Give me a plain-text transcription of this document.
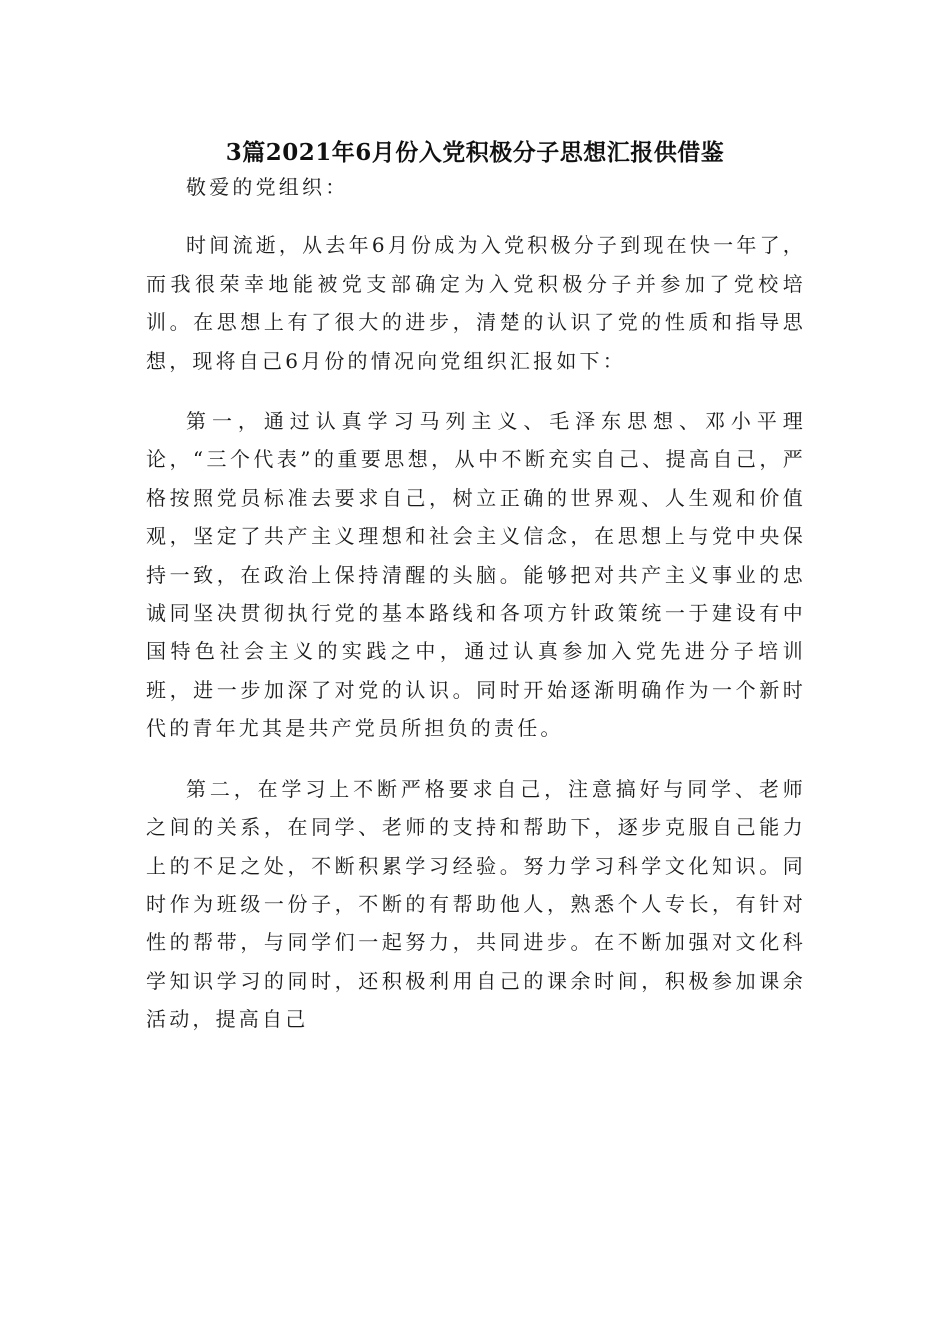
3篇2021年6月份入党积极分子思想汇报供借鉴

敬爱的党组织：

时间流逝，从去年6月份成为入党积极分子到现在快一年了，而我很荣幸地能被党支部确定为入党积极分子并参加了党校培训。在思想上有了很大的进步，清楚的认识了党的性质和指导思想，现将自己6月份的情况向党组织汇报如下：

第一，通过认真学习马列主义、毛泽东思想、邓小平理论，“三个代表”的重要思想，从中不断充实自己、提高自己，严格按照党员标准去要求自己，树立正确的世界观、人生观和价值观，坚定了共产主义理想和社会主义信念，在思想上与党中央保持一致，在政治上保持清醒的头脑。能够把对共产主义事业的忠诚同坚决贯彻执行党的基本路线和各项方针政策统一于建设有中国特色社会主义的实践之中，通过认真参加入党先进分子培训班，进一步加深了对党的认识。同时开始逐渐明确作为一个新时代的青年尤其是共产党员所担负的责任。

第二，在学习上不断严格要求自己，注意搞好与同学、老师之间的关系，在同学、老师的支持和帮助下，逐步克服自己能力上的不足之处，不断积累学习经验。努力学习科学文化知识。同时作为班级一份子，不断的有帮助他人，熟悉个人专长，有针对性的帮带，与同学们一起努力，共同进步。在不断加强对文化科学知识学习的同时，还积极利用自己的课余时间，积极参加课余活动，提高自己
